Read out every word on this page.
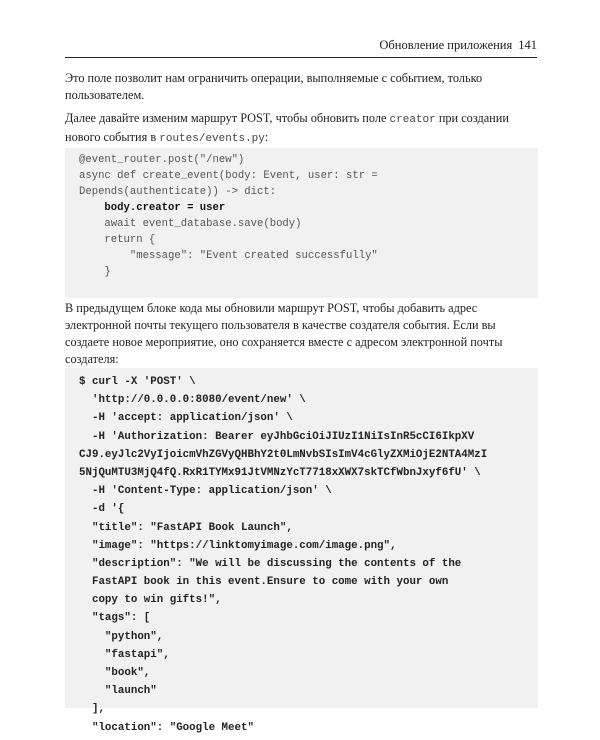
Обновление приложения 141
Это поле позволит нам ограничить операции, выполняемые с событием, только пользователем.
Далее давайте изменим маршрут POST, чтобы обновить поле creator при создании нового события в routes/events.py:
@event_router.post("/new")
async def create_event(body: Event, user: str =
Depends(authenticate)) -> dict:
body.creator = user
await event_database.save(body)
return {
"message": "Event created successfully"
}
В предыдущем блоке кода мы обновили маршрут POST, чтобы добавить адрес электронной почты текущего пользователя в качестве создателя события. Если вы создаете новое мероприятие, оно сохраняется вместе с адресом электронной почты создателя:
$ curl -X 'POST' \
'http://0.0.0.0:8080/event/new' \
-H 'accept: application/json' \
-H 'Authorization: Bearer eyJhbGciOiJIUzI1NiIsInR5cCI6IkpXV
CJ9.eyJlc2VyIjoicmVhZGVyQHBhY2t0LmNvbSIsImV4cGlyZXMiOjE2NTA4MzI
5NjQuMTU3MjQ4fQ.RxR1TYMx91JtVMNzYcT7718xXWX7skTCfWbnJxyf6fU' \
-H 'Content-Type: application/json' \
-d '{
"title": "FastAPI Book Launch",
"image": "https://linktomyimage.com/image.png",
"description": "We will be discussing the contents of the
FastAPI book in this event.Ensure to come with your own
copy to win gifts!",
"tags": [
"python",
"fastapi",
"book",
"launch"
],
"location": "Google Meet"
